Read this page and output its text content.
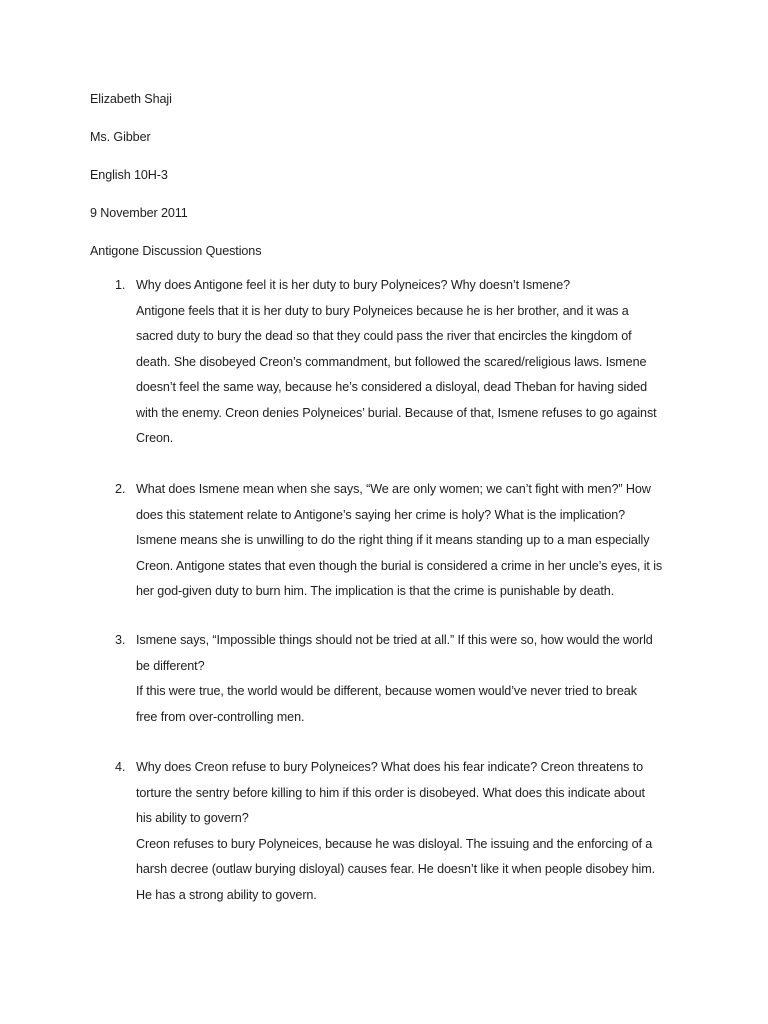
Elizabeth Shaji
Ms. Gibber
English 10H-3
9 November 2011
Antigone Discussion Questions
1. Why does Antigone feel it is her duty to bury Polyneices? Why doesn’t Ismene?
Antigone feels that it is her duty to bury Polyneices because he is her brother, and it was a
sacred duty to bury the dead so that they could pass the river that encircles the kingdom of
death. She disobeyed Creon’s commandment, but followed the scared/religious laws. Ismene
doesn’t feel the same way, because he’s considered a disloyal, dead Theban for having sided
with the enemy. Creon denies Polyneices’ burial. Because of that, Ismene refuses to go against
Creon.
2. What does Ismene mean when she says, “We are only women; we can’t fight with men?” How
does this statement relate to Antigone’s saying her crime is holy? What is the implication?
Ismene means she is unwilling to do the right thing if it means standing up to a man especially
Creon. Antigone states that even though the burial is considered a crime in her uncle’s eyes, it is
her god-given duty to burn him. The implication is that the crime is punishable by death.
3. Ismene says, “Impossible things should not be tried at all.” If this were so, how would the world
be different?
If this were true, the world would be different, because women would’ve never tried to break
free from over-controlling men.
4. Why does Creon refuse to bury Polyneices? What does his fear indicate? Creon threatens to
torture the sentry before killing to him if this order is disobeyed. What does this indicate about
his ability to govern?
Creon refuses to bury Polyneices, because he was disloyal. The issuing and the enforcing of a
harsh decree (outlaw burying disloyal) causes fear. He doesn’t like it when people disobey him.
He has a strong ability to govern.
